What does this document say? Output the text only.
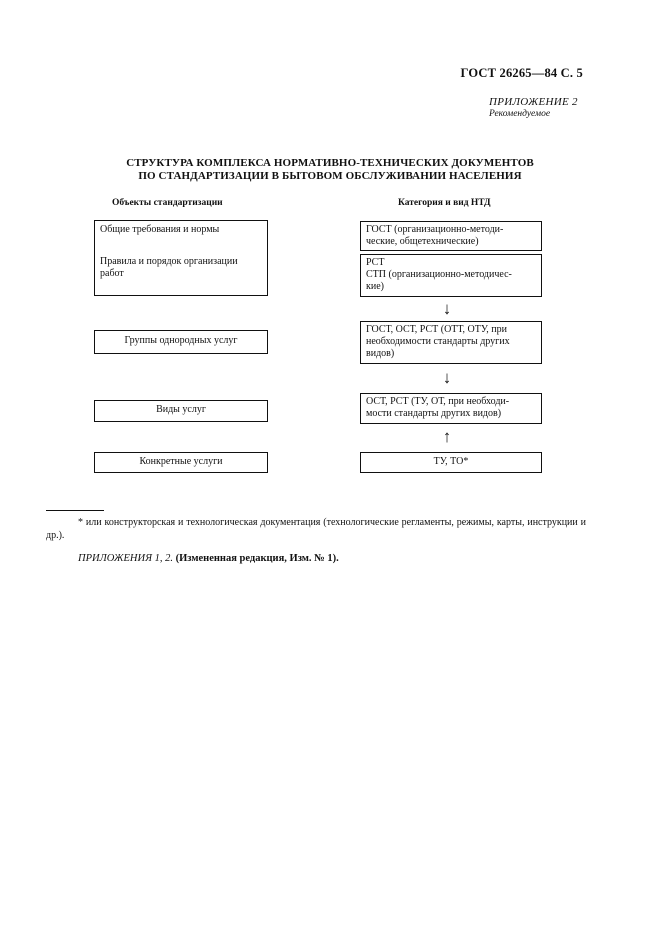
ГОСТ 26265—84 С. 5
ПРИЛОЖЕНИЕ 2
Рекомендуемое
СТРУКТУРА КОМПЛЕКСА НОРМАТИВНО-ТЕХНИЧЕСКИХ ДОКУМЕНТОВ
ПО СТАНДАРТИЗАЦИИ В БЫТОВОМ ОБСЛУЖИВАНИИ НАСЕЛЕНИЯ
Объекты стандартизации	Категория и вид НТД
Общие требования и нормы
Правила и порядок организации
работ
Группы однородных услуг
Виды услуг
Конкретные услуги
ГОСТ (организационно-методи-
ческие, общетехнические)
РСТ
СТП (организационно-методичес-
кие)
↓
ГОСТ, ОСТ, РСТ (ОТТ, ОТУ, при
необходимости стандарты других
видов)
↓
ОСТ, РСТ (ТУ, ОТ, при необходи-
мости стандарты других видов)
↑
ТУ, ТО*
* или конструкторская и технологическая документация (технологические регламенты, режимы, карты, инструкции и др.).
ПРИЛОЖЕНИЯ 1, 2. (Измененная редакция, Изм. № 1).
